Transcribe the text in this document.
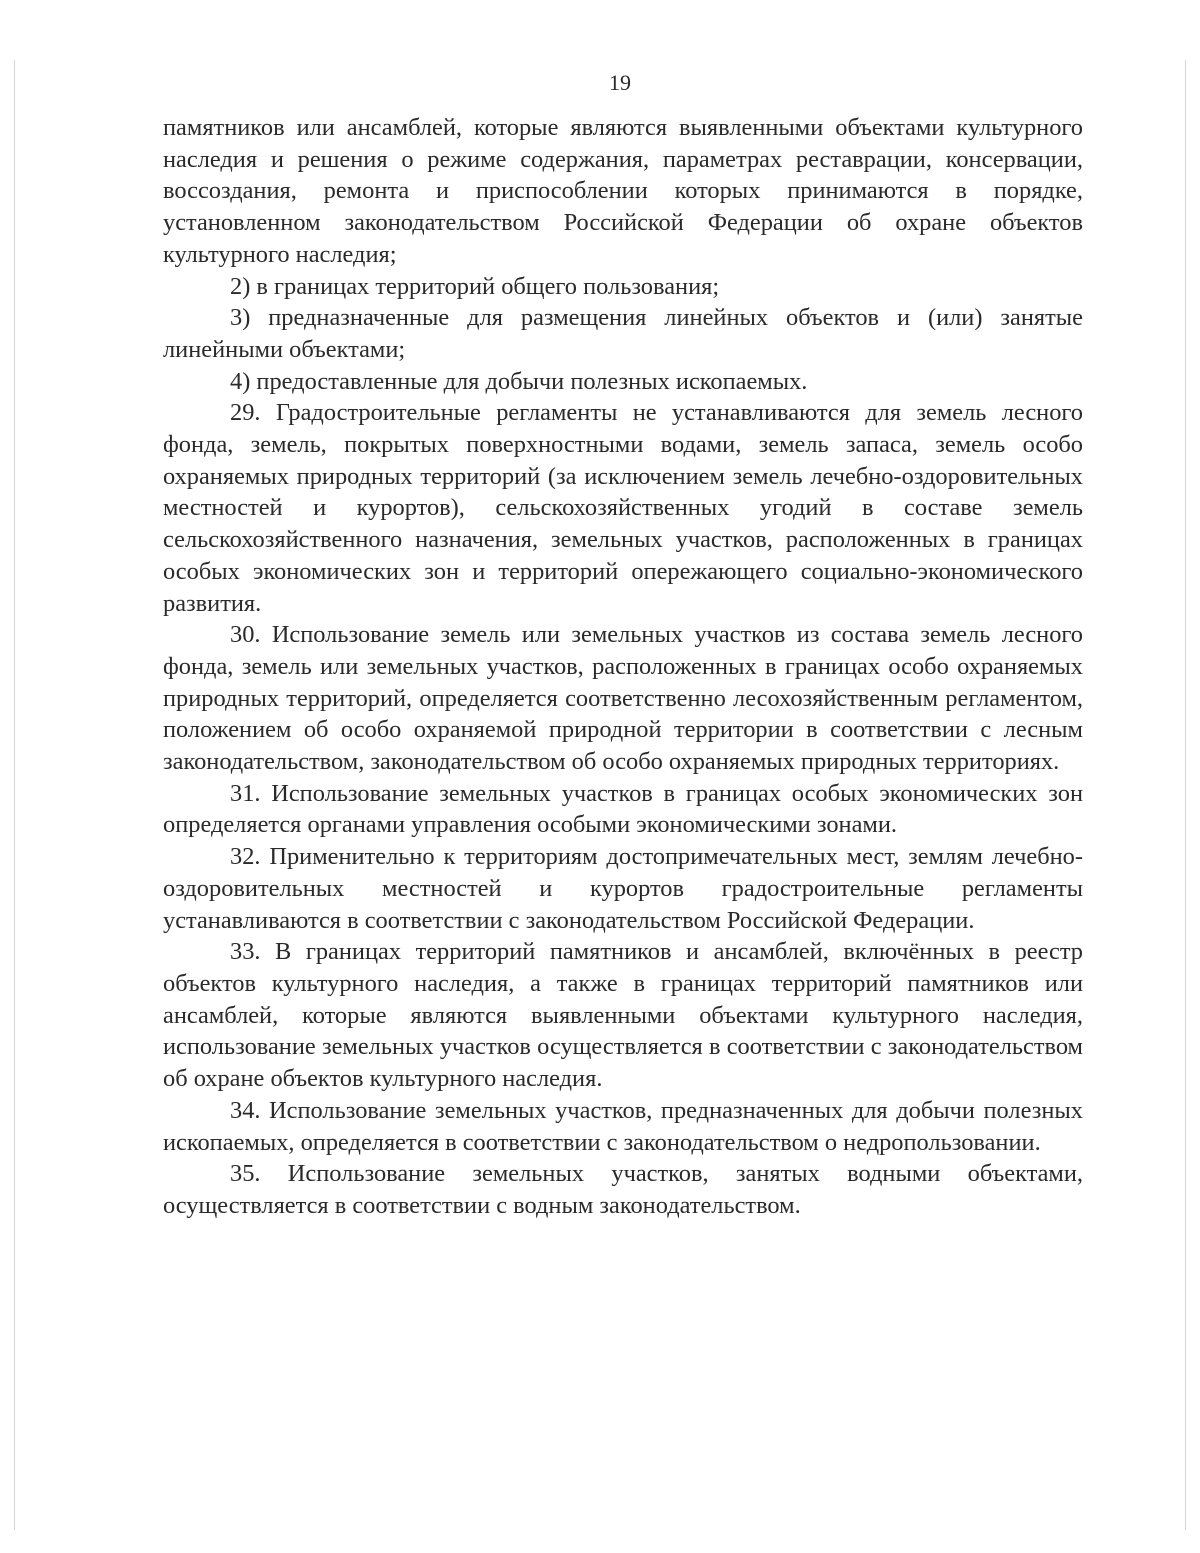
19

памятников или ансамблей, которые являются выявленными объектами культурного наследия и решения о режиме содержания, параметрах реставрации, консервации, воссоздания, ремонта и приспособлении которых принимаются в порядке, установленном законодательством Российской Федерации об охране объектов культурного наследия;

2) в границах территорий общего пользования;

3) предназначенные для размещения линейных объектов и (или) занятые линейными объектами;

4) предоставленные для добычи полезных ископаемых.

29. Градостроительные регламенты не устанавливаются для земель лесного фонда, земель, покрытых поверхностными водами, земель запаса, земель особо охраняемых природных территорий (за исключением земель лечебно-оздоровительных местностей и курортов), сельскохозяйственных угодий в составе земель сельскохозяйственного назначения, земельных участков, расположенных в границах особых экономических зон и территорий опережающего социально-экономического развития.

30. Использование земель или земельных участков из состава земель лесного фонда, земель или земельных участков, расположенных в границах особо охраняемых природных территорий, определяется соответственно лесохозяйственным регламентом, положением об особо охраняемой природной территории в соответствии с лесным законодательством, законодательством об особо охраняемых природных территориях.

31. Использование земельных участков в границах особых экономических зон определяется органами управления особыми экономическими зонами.

32. Применительно к территориям достопримечательных мест, землям лечебно-оздоровительных местностей и курортов градостроительные регламенты устанавливаются в соответствии с законодательством Российской Федерации.

33. В границах территорий памятников и ансамблей, включённых в реестр объектов культурного наследия, а также в границах территорий памятников или ансамблей, которые являются выявленными объектами культурного наследия, использование земельных участков осуществляется в соответствии с законодательством об охране объектов культурного наследия.

34. Использование земельных участков, предназначенных для добычи полезных ископаемых, определяется в соответствии с законодательством о недропользовании.

35. Использование земельных участков, занятых водными объектами, осуществляется в соответствии с водным законодательством.
